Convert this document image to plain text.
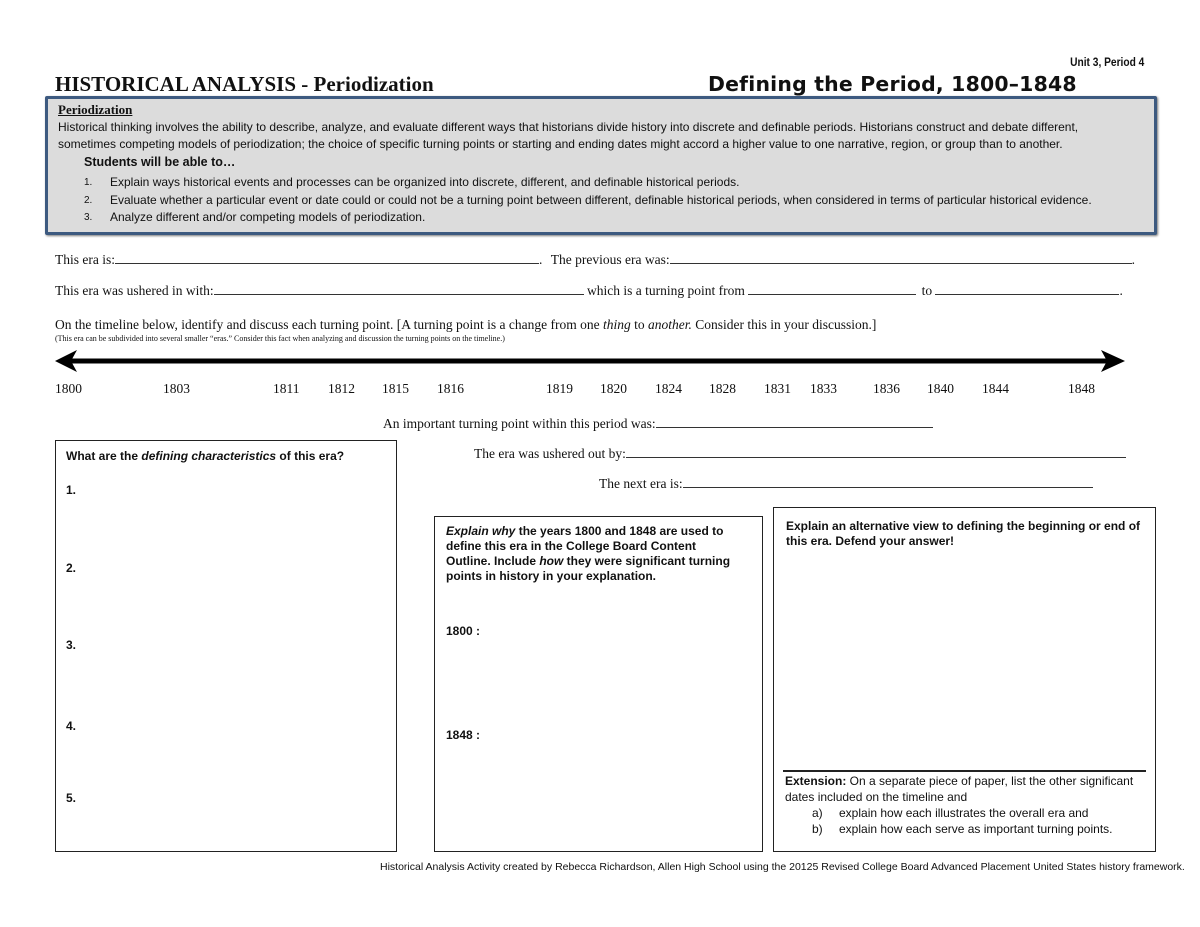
Unit 3, Period 4
HISTORICAL ANALYSIS - Periodization	Defining the Period, 1800–1848
Periodization
Historical thinking involves the ability to describe, analyze, and evaluate different ways that historians divide history into discrete and definable periods. Historians construct and debate different, sometimes competing models of periodization; the choice of specific turning points or starting and ending dates might accord a higher value to one narrative, region, or group than to another.
Students will be able to…
1.	Explain ways historical events and processes can be organized into discrete, different, and definable historical periods.
2.	Evaluate whether a particular event or date could or could not be a turning point between different, definable historical periods, when considered in terms of particular historical evidence.
3.	Analyze different and/or competing models of periodization.
This era is:	. The previous era was:	.
This era was ushered in with:	which is a turning point from	to	.
On the timeline below, identify and discuss each turning point. [A turning point is a change from one thing to another. Consider this in your discussion.]
(This era can be subdivided into several smaller “eras.” Consider this fact when analyzing and discussion the turning points on the timeline.)
1800	1803	1811 1812 1815 1816	1819 1820 1824 1828 1831 1833	1836 1840 1844	1848
An important turning point within this period was:
The era was ushered out by:
The next era is:
What are the defining characteristics of this era?
1.
2.
3.
4.
5.
Explain why the years 1800 and 1848 are used to define this era in the College Board Content Outline. Include how they were significant turning points in history in your explanation.
1800 :
1848 :
Explain an alternative view to defining the beginning or end of this era. Defend your answer!
Extension: On a separate piece of paper, list the other significant dates included on the timeline and
a)	explain how each illustrates the overall era and
b)	explain how each serve as important turning points.
Historical Analysis Activity created by Rebecca Richardson, Allen High School using the 20125 Revised College Board Advanced Placement United States history framework.
